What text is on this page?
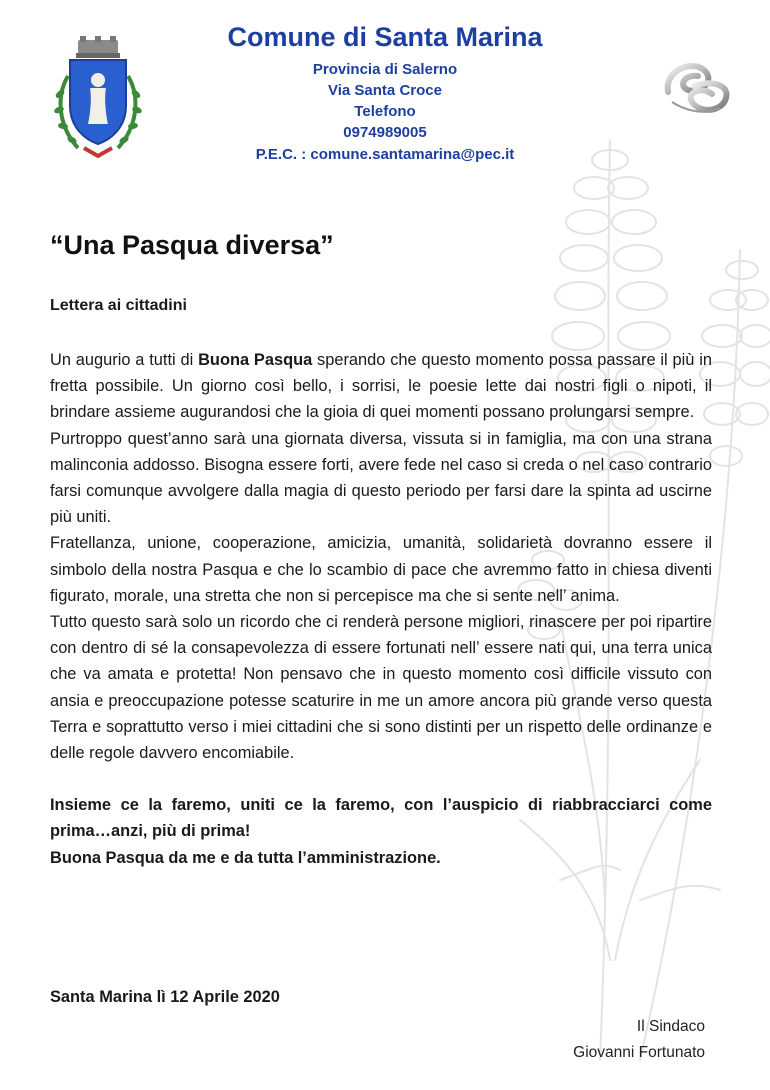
Comune di Santa Marina
Provincia di Salerno
Via Santa Croce
Telefono
0974989005
P.E.C. : comune.santamarina@pec.it
“Una Pasqua diversa”
Lettera ai cittadini

Un augurio a tutti di Buona Pasqua sperando che questo momento possa passare il più in fretta possibile. Un giorno così bello, i sorrisi, le poesie lette dai nostri figli o nipoti, il brindare assieme augurandosi che la gioia di quei momenti possano prolungarsi sempre.

Purtroppo quest’anno sarà una giornata diversa, vissuta si in famiglia, ma con una strana malinconia addosso. Bisogna essere forti, avere fede nel caso si creda o nel caso contrario farsi comunque avvolgere dalla magia di questo periodo per farsi dare la spinta ad uscirne più uniti.

Fratellanza, unione, cooperazione, amicizia, umanità, solidarietà dovranno essere il simbolo della nostra Pasqua e che lo scambio di pace che avremmo fatto in chiesa diventi figurato, morale, una stretta che non si percepisce ma che si sente nell’ anima.

Tutto questo sarà solo un ricordo che ci renderà persone migliori, rinascere per poi ripartire con dentro di sé la consapevolezza di essere fortunati nell’ essere nati qui, una terra unica che va amata e protetta! Non pensavo che in questo momento così difficile vissuto con ansia e preoccupazione potesse scaturire in me un amore ancora più grande verso questa Terra e soprattutto verso i miei cittadini che si sono distinti per un rispetto delle ordinanze e delle regole davvero encomiabile.

Insieme ce la faremo, uniti ce la faremo, con l’auspicio di riabbracciarci come prima…anzi, più di prima!

Buona Pasqua da me e da tutta l’amministrazione.

Santa Marina lì 12 Aprile 2020
Il Sindaco
Giovanni Fortunato
